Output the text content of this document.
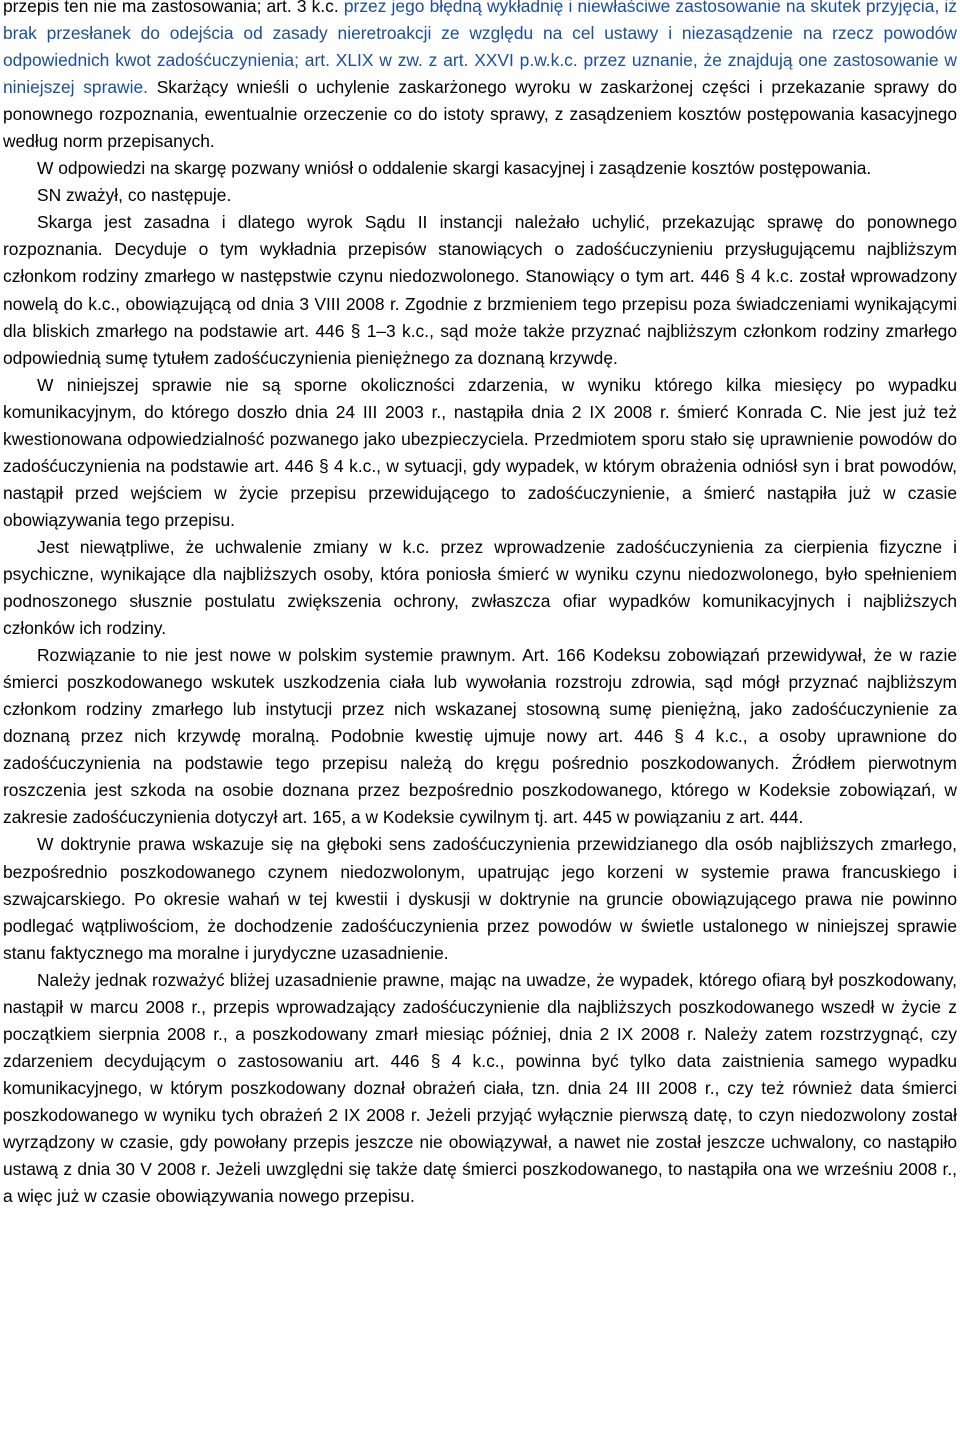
przepis ten nie ma zastosowania; art. 3 k.c. przez jego błędną wykładnię i niewłaściwe zastosowanie na skutek przyjęcia, iż brak przesłanek do odejścia od zasady nieretroakcji ze względu na cel ustawy i niezasądzenie na rzecz powodów odpowiednich kwot zadośćuczynienia; art. XLIX w zw. z art. XXVI p.w.k.c. przez uznanie, że znajdują one zastosowanie w niniejszej sprawie. Skarżący wnieśli o uchylenie zaskarżonego wyroku w zaskarżonej części i przekazanie sprawy do ponownego rozpoznania, ewentualnie orzeczenie co do istoty sprawy, z zasądzeniem kosztów postępowania kasacyjnego według norm przepisanych.

W odpowiedzi na skargę pozwany wniósł o oddalenie skargi kasacyjnej i zasądzenie kosztów postępowania.

SN zważył, co następuje.

Skarga jest zasadna i dlatego wyrok Sądu II instancji należało uchylić, przekazując sprawę do ponownego rozpoznania. Decyduje o tym wykładnia przepisów stanowiących o zadośćuczynieniu przysługującemu najbliższym członkom rodziny zmarłego w następstwie czynu niedozwolonego. Stanowiący o tym art. 446 § 4 k.c. został wprowadzony nowelą do k.c., obowiązującą od dnia 3 VIII 2008 r. Zgodnie z brzmieniem tego przepisu poza świadczeniami wynikającymi dla bliskich zmarłego na podstawie art. 446 § 1–3 k.c., sąd może także przyznać najbliższym członkom rodziny zmarłego odpowiednią sumę tytułem zadośćuczynienia pieniężnego za doznaną krzywdę.

W niniejszej sprawie nie są sporne okoliczności zdarzenia, w wyniku którego kilka miesięcy po wypadku komunikacyjnym, do którego doszło dnia 24 III 2003 r., nastąpiła dnia 2 IX 2008 r. śmierć Konrada C. Nie jest już też kwestionowana odpowiedzialność pozwanego jako ubezpieczyciela. Przedmiotem sporu stało się uprawnienie powodów do zadośćuczynienia na podstawie art. 446 § 4 k.c., w sytuacji, gdy wypadek, w którym obrażenia odniósł syn i brat powodów, nastąpił przed wejściem w życie przepisu przewidującego to zadośćuczynienie, a śmierć nastąpiła już w czasie obowiązywania tego przepisu.

Jest niewątpliwe, że uchwalenie zmiany w k.c. przez wprowadzenie zadośćuczynienia za cierpienia fizyczne i psychiczne, wynikające dla najbliższych osoby, która poniosła śmierć w wyniku czynu niedozwolonego, było spełnieniem podnoszonego słusznie postulatu zwiększenia ochrony, zwłaszcza ofiar wypadków komunikacyjnych i najbliższych członków ich rodziny.

Rozwiązanie to nie jest nowe w polskim systemie prawnym. Art. 166 Kodeksu zobowiązań przewidywał, że w razie śmierci poszkodowanego wskutek uszkodzenia ciała lub wywołania rozstroju zdrowia, sąd mógł przyznać najbliższym członkom rodziny zmarłego lub instytucji przez nich wskazanej stosowną sumę pieniężną, jako zadośćuczynienie za doznaną przez nich krzywdę moralną. Podobnie kwestię ujmuje nowy art. 446 § 4 k.c., a osoby uprawnione do zadośćuczynienia na podstawie tego przepisu należą do kręgu pośrednio poszkodowanych. Źródłem pierwotnym roszczenia jest szkoda na osobie doznana przez bezpośrednio poszkodowanego, którego w Kodeksie zobowiązań, w zakresie zadośćuczynienia dotyczył art. 165, a w Kodeksie cywilnym tj. art. 445 w powiązaniu z art. 444.

W doktrynie prawa wskazuje się na głęboki sens zadośćuczynienia przewidzianego dla osób najbliższych zmarłego, bezpośrednio poszkodowanego czynem niedozwolonym, upatrując jego korzeni w systemie prawa francuskiego i szwajcarskiego. Po okresie wahań w tej kwestii i dyskusji w doktrynie na gruncie obowiązującego prawa nie powinno podlegać wątpliwościom, że dochodzenie zadośćuczynienia przez powodów w świetle ustalonego w niniejszej sprawie stanu faktycznego ma moralne i jurydyczne uzasadnienie.

Należy jednak rozważyć bliżej uzasadnienie prawne, mając na uwadze, że wypadek, którego ofiarą był poszkodowany, nastąpił w marcu 2008 r., przepis wprowadzający zadośćuczynienie dla najbliższych poszkodowanego wszedł w życie z początkiem sierpnia 2008 r., a poszkodowany zmarł miesiąc później, dnia 2 IX 2008 r. Należy zatem rozstrzygnąć, czy zdarzeniem decydującym o zastosowaniu art. 446 § 4 k.c., powinna być tylko data zaistnienia samego wypadku komunikacyjnego, w którym poszkodowany doznał obrażeń ciała, tzn. dnia 24 III 2008 r., czy też również data śmierci poszkodowanego w wyniku tych obrażeń 2 IX 2008 r. Jeżeli przyjąć wyłącznie pierwszą datę, to czyn niedozwolony został wyrządzony w czasie, gdy powołany przepis jeszcze nie obowiązywał, a nawet nie został jeszcze uchwalony, co nastąpiło ustawą z dnia 30 V 2008 r. Jeżeli uwzględni się także datę śmierci poszkodowanego, to nastąpiła ona we wrześniu 2008 r., a więc już w czasie obowiązywania nowego przepisu.
